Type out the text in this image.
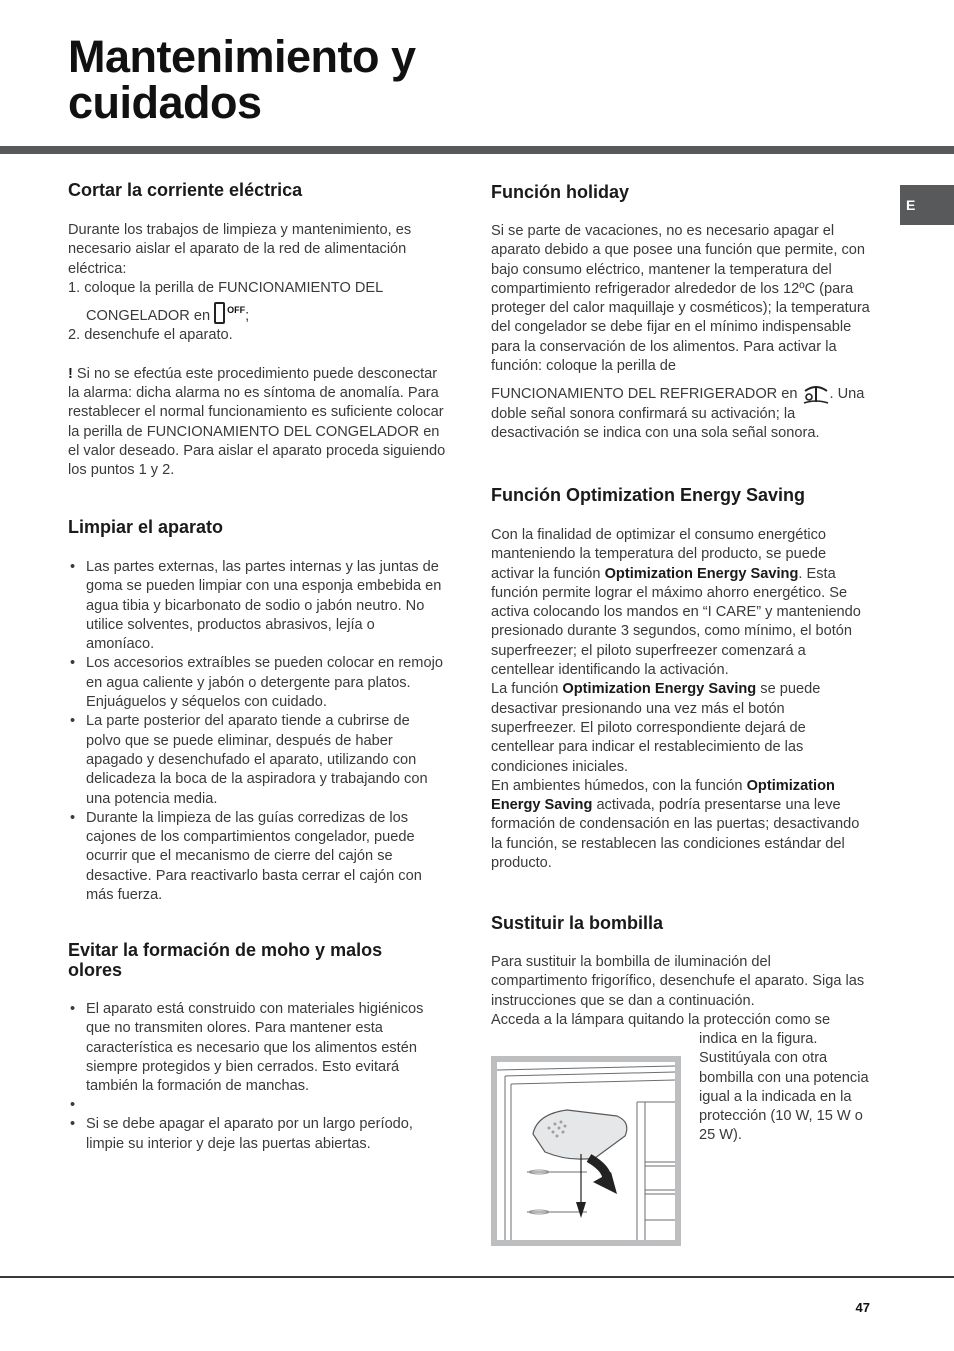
Mantenimiento y
cuidados
E
Cortar la corriente eléctrica
Durante los trabajos de limpieza y mantenimiento, es necesario aislar el aparato de la red de alimentación eléctrica:
1. coloque la perilla de FUNCIONAMIENTO DEL
CONGELADOR en $^{OFF}$;
2. desenchufe el aparato.
! Si no se efectúa este procedimiento puede desconectar la alarma: dicha alarma no es síntoma de anomalía. Para restablecer el normal funcionamiento es suficiente colocar la perilla de FUNCIONAMIENTO DEL CONGELADOR en el valor deseado. Para aislar el aparato proceda siguiendo los puntos 1 y 2.
Limpiar el aparato
• Las partes externas, las partes internas y las juntas de goma se pueden limpiar con una esponja embebida en agua tibia y bicarbonato de sodio o jabón neutro. No utilice solventes, productos abrasivos, lejía o amoníaco.
• Los accesorios extraíbles se pueden colocar en remojo en agua caliente y jabón o detergente para platos. Enjuáguelos y séquelos con cuidado.
• La parte posterior del aparato tiende a cubrirse de polvo que se puede eliminar, después de haber apagado y desenchufado el aparato, utilizando con delicadeza la boca de la aspiradora y trabajando con una potencia media.
• Durante la limpieza de las guías corredizas de los cajones de los compartimientos congelador, puede ocurrir que el mecanismo de cierre del cajón se desactive. Para reactivarlo basta cerrar el cajón con más fuerza.
Evitar la formación de moho y malos olores
• El aparato está construido con materiales higiénicos que no transmiten olores. Para mantener esta característica es necesario que los alimentos estén siempre protegidos y bien cerrados. Esto evitará también la formación de manchas.
•
• Si se debe apagar el aparato por un largo período, limpie su interior y deje las puertas abiertas.
Función holiday
Si se parte de vacaciones, no es necesario apagar el aparato debido a que posee una función que permite, con bajo consumo eléctrico, mantener la temperatura del compartimiento refrigerador alrededor de los 12ºC (para proteger del calor maquillaje y cosméticos); la temperatura del congelador se debe fijar en el mínimo indispensable para la conservación de los alimentos. Para activar la función: coloque la perilla de
FUNCIONAMIENTO DEL REFRIGERADOR en . Una doble señal sonora confirmará su activación; la desactivación se indica con una sola señal sonora.
Función Optimization Energy Saving
Con la finalidad de optimizar el consumo energético manteniendo la temperatura del producto, se puede activar la función Optimization Energy Saving. Esta función permite lograr el máximo ahorro energético. Se activa colocando los mandos en “I CARE” y manteniendo presionado durante 3 segundos, como mínimo, el botón superfreezer; el piloto superfreezer comenzará a centellear identificando la activación.
La función Optimization Energy Saving se puede desactivar presionando una vez más el botón superfreezer. El piloto correspondiente dejará de centellear para indicar el restablecimiento de las condiciones iniciales.
En ambientes húmedos, con la función Optimization Energy Saving activada, podría presentarse una leve formación de condensación en las puertas; desactivando la función, se restablecen las condiciones estándar del producto.
Sustituir la bombilla
Para sustituir la bombilla de iluminación del compartimento frigorífico, desenchufe el aparato. Siga las instrucciones que se dan a continuación.
Acceda a la lámpara quitando la protección como se
indica en la figura. Sustitúyala con otra bombilla con una potencia igual a la indicada en la protección (10 W, 15 W o 25 W).
47
